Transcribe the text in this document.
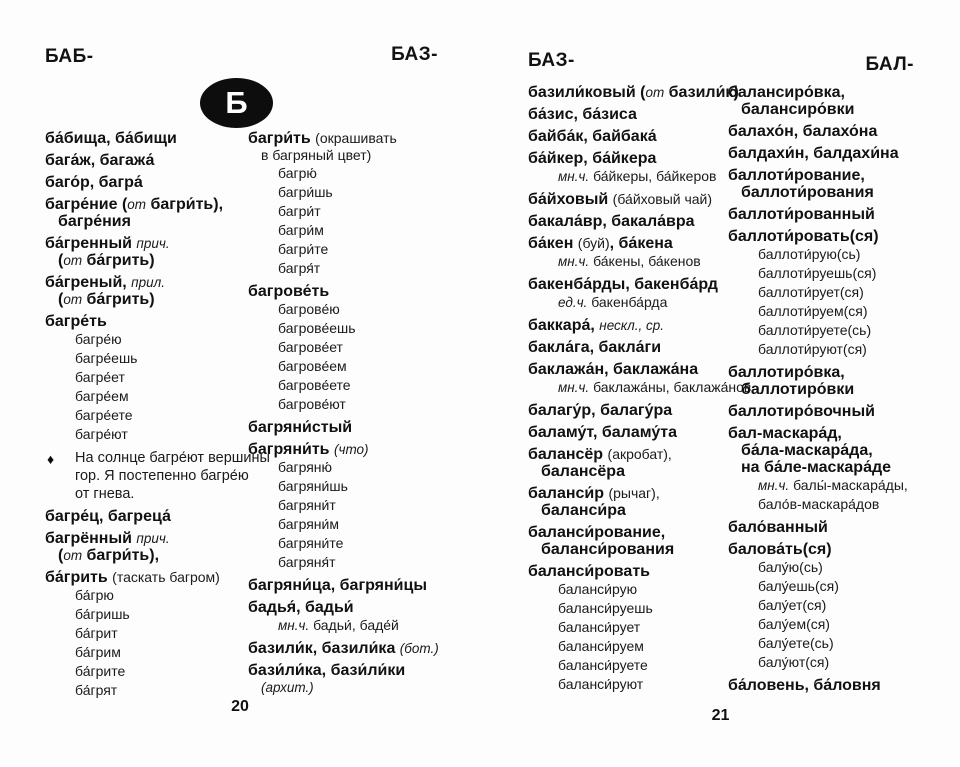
БАБ-	БАЗ-
Б
ба́бища, ба́бищи
бага́ж, багажа́
баго́р, багра́
багре́ние (от багри́ть),
багре́ния
ба́гренный прич.
(от ба́грить)
ба́греный, прил.
(от ба́грить)
багре́ть
багре́ю
багре́ешь
багре́ет
багре́ем
багре́ете
багре́ют
♦ На солнце багре́ют вершины
гор. Я постепенно багре́ю
от гнева.
багре́ц, багреца́
багрённый прич.
(от багри́ть),
ба́грить (таскать багром)
ба́грю
ба́гришь
ба́грит
ба́грим
ба́грите
ба́грят
багри́ть (окрашивать
в багряный цвет)
багрю́
багри́шь
багри́т
багри́м
багри́те
багря́т
багрове́ть
багрове́ю
багрове́ешь
багрове́ет
багрове́ем
багрове́ете
багрове́ют
багряни́стый
багряни́ть (что)
багряню́
багряни́шь
багряни́т
багряни́м
багряни́те
багряня́т
багряни́ца, багряни́цы
бадья́, бадьи́
мн.ч. бадьи́, баде́й
базили́к, базили́ка (бот.)
бази́ли́ка, бази́ли́ки
(архит.)
20
БАЗ-	БАЛ-
базили́ковый (от базили́к)
ба́зис, ба́зиса
байба́к, байбака́
ба́йкер, ба́йкера
мн.ч. ба́йкеры, ба́йкеров
ба́йховый (ба́йховый чай)
бакала́вр, бакала́вра
ба́кен (буй), ба́кена
мн.ч. ба́кены, ба́кенов
бакенба́рды, бакенба́рд
ед.ч. бакенба́рда
баккара́, нескл., ср.
бакла́га, бакла́ги
баклажа́н, баклажа́на
мн.ч. баклажа́ны, баклажа́нов
балагу́р, балагу́ра
баламу́т, баламу́та
балансёр (акробат),
балансёра
баланси́р (рычаг),
баланси́ра
баланси́рование,
баланси́рования
баланси́ровать
баланси́рую
баланси́руешь
баланси́рует
баланси́руем
баланси́руете
баланси́руют
балансиро́вка,
балансиро́вки
балахо́н, балахо́на
балдахи́н, балдахи́на
баллоти́рование,
баллоти́рования
баллоти́рованный
баллоти́ровать(ся)
баллоти́рую(сь)
баллоти́руешь(ся)
баллоти́рует(ся)
баллоти́руем(ся)
баллоти́руете(сь)
баллоти́руют(ся)
баллотиро́вка,
баллотиро́вки
баллотиро́вочный
бал-маскара́д,
ба́ла-маскара́да,
на ба́ле-маскара́де
мн.ч. балы́-маскара́ды,
бало́в-маскара́дов
бало́ванный
балова́ть(ся)
балу́ю(сь)
балу́ешь(ся)
балу́ет(ся)
балу́ем(ся)
балу́ете(сь)
балу́ют(ся)
ба́ловень, ба́ловня
21
